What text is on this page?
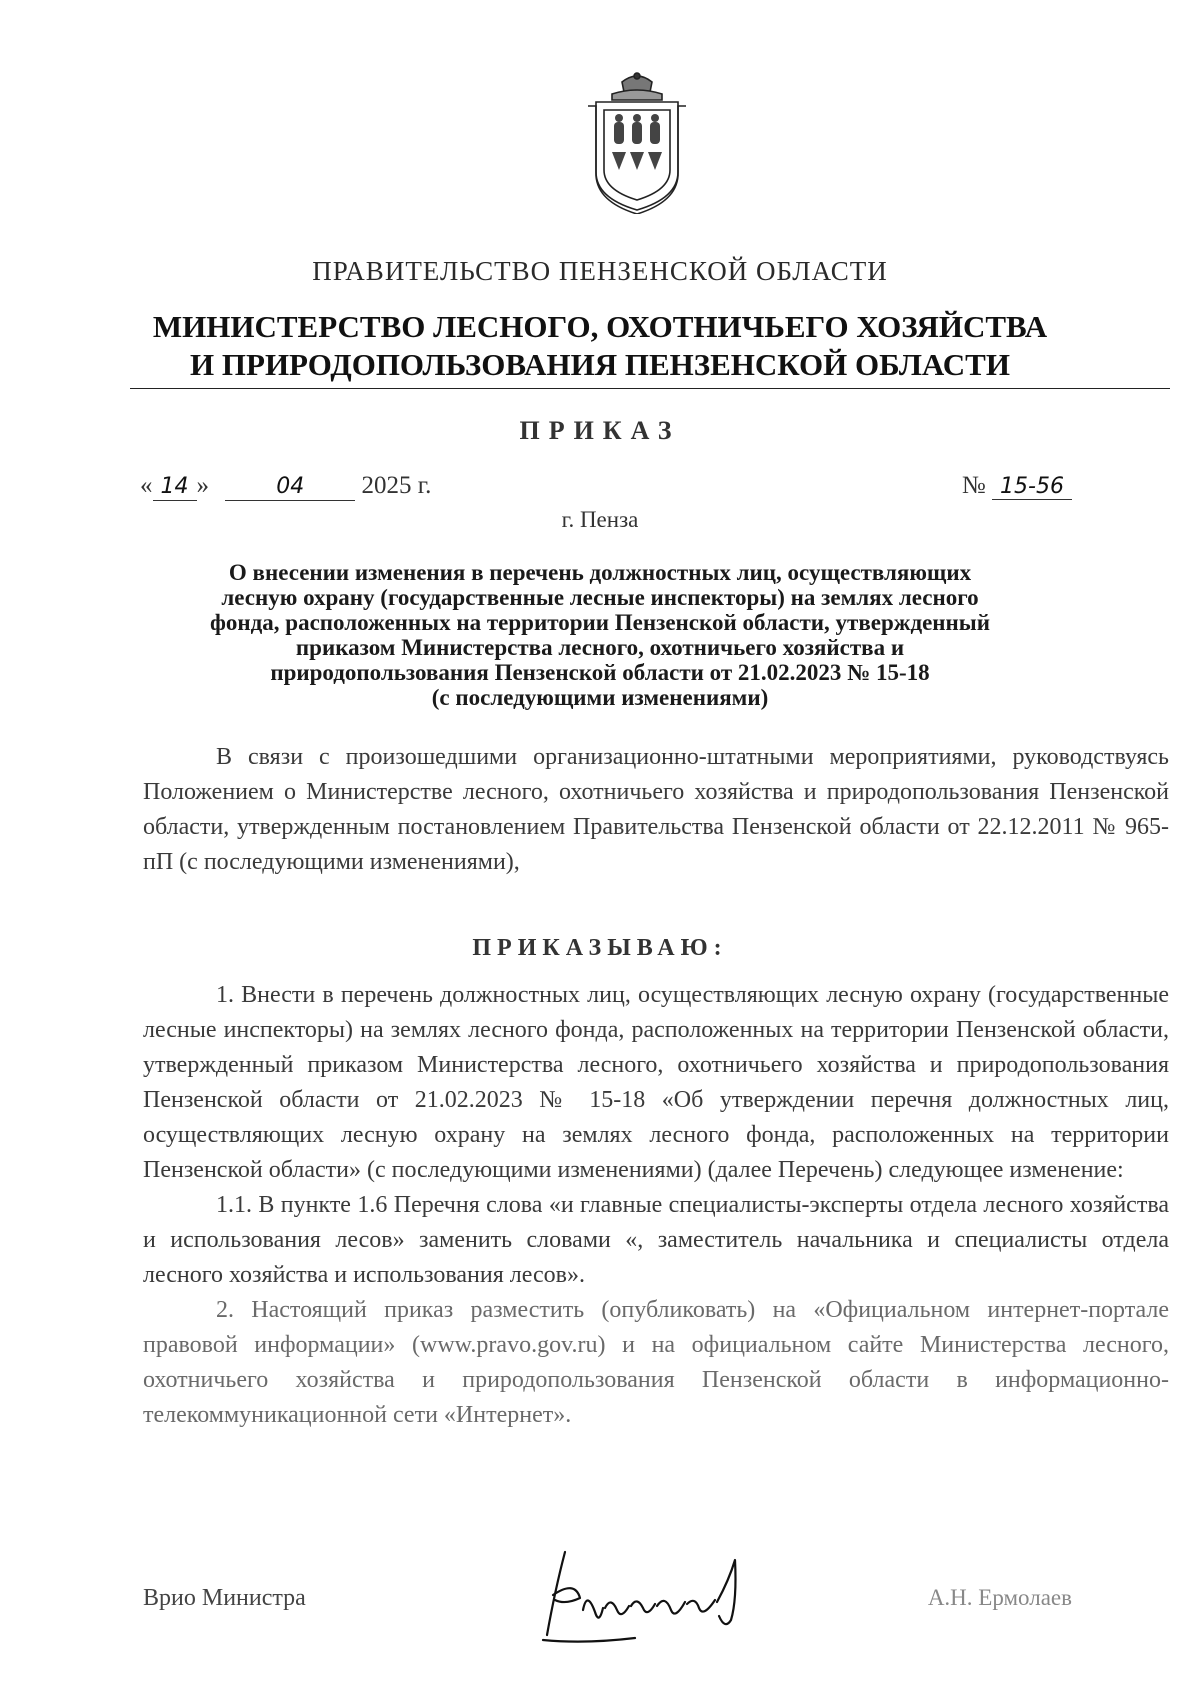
ПРАВИТЕЛЬСТВО ПЕНЗЕНСКОЙ ОБЛАСТИ
МИНИСТЕРСТВО ЛЕСНОГО, ОХОТНИЧЬЕГО ХОЗЯЙСТВА
И ПРИРОДОПОЛЬЗОВАНИЯ ПЕНЗЕНСКОЙ ОБЛАСТИ
ПРИКАЗ
« 14 »	04 2025 г.	№ 15-56
г. Пенза
О внесении изменения в перечень должностных лиц, осуществляющих
лесную охрану (государственные лесные инспекторы) на землях лесного
фонда, расположенных на территории Пензенской области, утвержденный
приказом Министерства лесного, охотничьего хозяйства и
природопользования Пензенской области от 21.02.2023 № 15-18
(с последующими изменениями)

В связи с произошедшими организационно-штатными мероприятиями, руководствуясь Положением о Министерстве лесного, охотничьего хозяйства и природопользования Пензенской области, утвержденным постановлением Правительства Пензенской области от 22.12.2011 № 965-пП (с последующими изменениями),

ПРИКАЗЫВАЮ:

1. Внести в перечень должностных лиц, осуществляющих лесную охрану (государственные лесные инспекторы) на землях лесного фонда, расположенных на территории Пензенской области, утвержденный приказом Министерства лесного, охотничьего хозяйства и природопользования Пензенской области от 21.02.2023 № 15-18 «Об утверждении перечня должностных лиц, осуществляющих лесную охрану на землях лесного фонда, расположенных на территории Пензенской области» (с последующими изменениями) (далее Перечень) следующее изменение:

1.1. В пункте 1.6 Перечня слова «и главные специалисты-эксперты отдела лесного хозяйства и использования лесов» заменить словами «, заместитель начальника и специалисты отдела лесного хозяйства и использования лесов».

2. Настоящий приказ разместить (опубликовать) на «Официальном интернет-портале правовой информации» (www.pravo.gov.ru) и на официальном сайте Министерства лесного, охотничьего хозяйства и природопользования Пензенской области в информационно-телекоммуникационной сети «Интернет».

Врио Министра	А.Н. Ермолаев
